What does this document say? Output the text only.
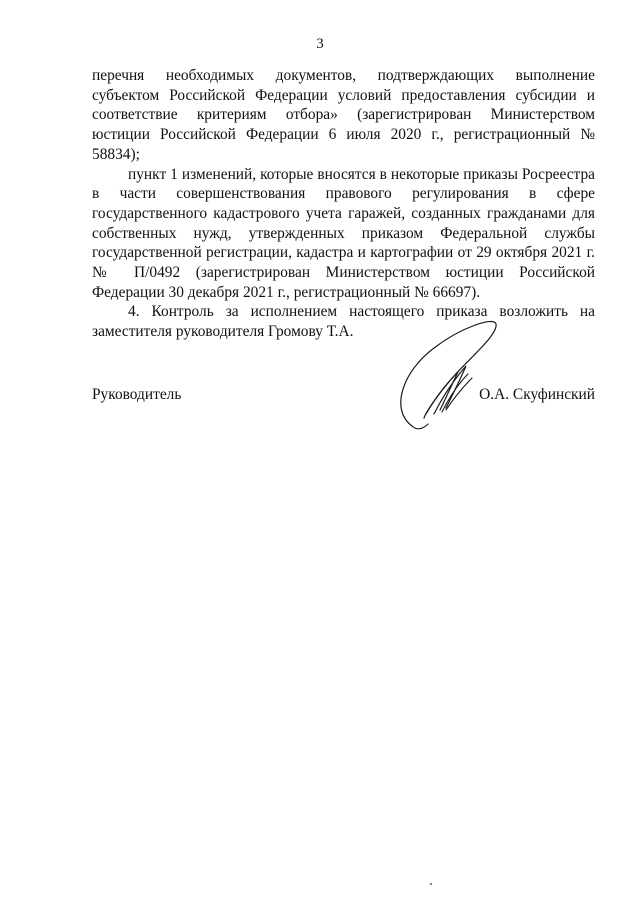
3

перечня необходимых документов, подтверждающих выполнение субъектом Российской Федерации условий предоставления субсидии и соответствие критериям отбора» (зарегистрирован Министерством юстиции Российской Федерации 6 июля 2020 г., регистрационный № 58834);

пункт 1 изменений, которые вносятся в некоторые приказы Росреестра в части совершенствования правового регулирования в сфере государственного кадастрового учета гаражей, созданных гражданами для собственных нужд, утвержденных приказом Федеральной службы государственной регистрации, кадастра и картографии от 29 октября 2021 г. № П/0492 (зарегистрирован Министерством юстиции Российской Федерации 30 декабря 2021 г., регистрационный № 66697).

4. Контроль за исполнением настоящего приказа возложить на заместителя руководителя Громову Т.А.

Руководитель	О.А. Скуфинский
